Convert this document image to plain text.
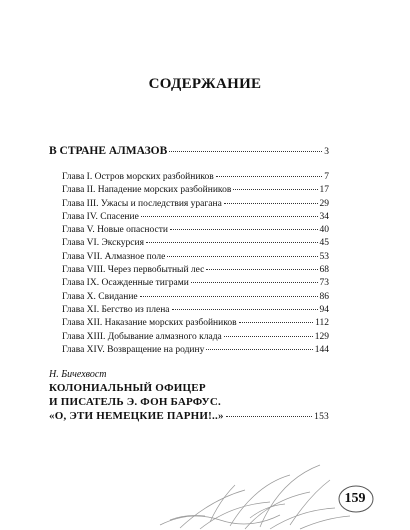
СОДЕРЖАНИЕ
В СТРАНЕ АЛМАЗОВ	3
Глава I. Остров морских разбойников	7
Глава II. Нападение морских разбойников	17
Глава III. Ужасы и последствия урагана	29
Глава IV. Спасение	34
Глава V. Новые опасности	40
Глава VI. Экскурсия	45
Глава VII. Алмазное поле	53
Глава VIII. Через первобытный лес	68
Глава IX. Осажденные тиграми	73
Глава X. Свидание	86
Глава XI. Бегство из плена	94
Глава XII. Наказание морских разбойников	112
Глава XIII. Добывание алмазного клада	129
Глава XIV. Возвращение на родину	144
Н. Бичехвост
КОЛОНИАЛЬНЫЙ ОФИЦЕР
И ПИСАТЕЛЬ Э. ФОН БАРФУС.
«О, ЭТИ НЕМЕЦКИЕ ПАРНИ!..»	153
159
